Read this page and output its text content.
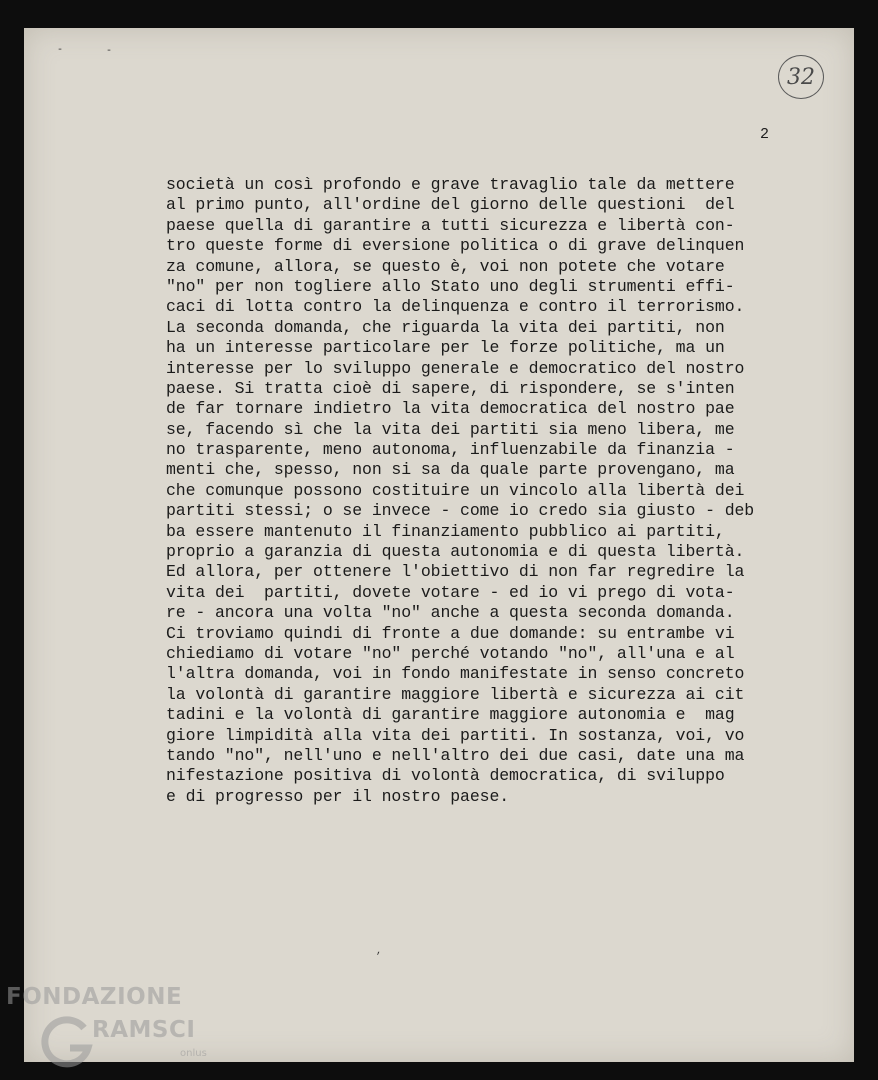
-	-
32
2
società un così profondo e grave travaglio tale da mettere
al primo punto, all'ordine del giorno delle questioni  del
paese quella di garantire a tutti sicurezza e libertà con-
tro queste forme di eversione politica o di grave delinquen
za comune, allora, se questo è, voi non potete che votare
"no" per non togliere allo Stato uno degli strumenti effi-
caci di lotta contro la delinquenza e contro il terrorismo.
La seconda domanda, che riguarda la vita dei partiti, non
ha un interesse particolare per le forze politiche, ma un
interesse per lo sviluppo generale e democratico del nostro
paese. Si tratta cioè di sapere, di rispondere, se s'inten
de far tornare indietro la vita democratica del nostro pae
se, facendo sì che la vita dei partiti sia meno libera, me
no trasparente, meno autonoma, influenzabile da finanzia -
menti che, spesso, non si sa da quale parte provengano, ma
che comunque possono costituire un vincolo alla libertà dei
partiti stessi; o se invece - come io credo sia giusto - deb
ba essere mantenuto il finanziamento pubblico ai partiti,
proprio a garanzia di questa autonomia e di questa libertà.
Ed allora, per ottenere l'obiettivo di non far regredire la
vita dei  partiti, dovete votare - ed io vi prego di vota-
re - ancora una volta "no" anche a questa seconda domanda.
Ci troviamo quindi di fronte a due domande: su entrambe vi
chiediamo di votare "no" perché votando "no", all'una e al
l'altra domanda, voi in fondo manifestate in senso concreto
la volontà di garantire maggiore libertà e sicurezza ai cit
tadini e la volontà di garantire maggiore autonomia e  mag
giore limpidità alla vita dei partiti. In sostanza, voi, vo
tando "no", nell'uno e nell'altro dei due casi, date una ma
nifestazione positiva di volontà democratica, di sviluppo
e di progresso per il nostro paese.
,
FONDAZIONE
RAMSCI
onlus
